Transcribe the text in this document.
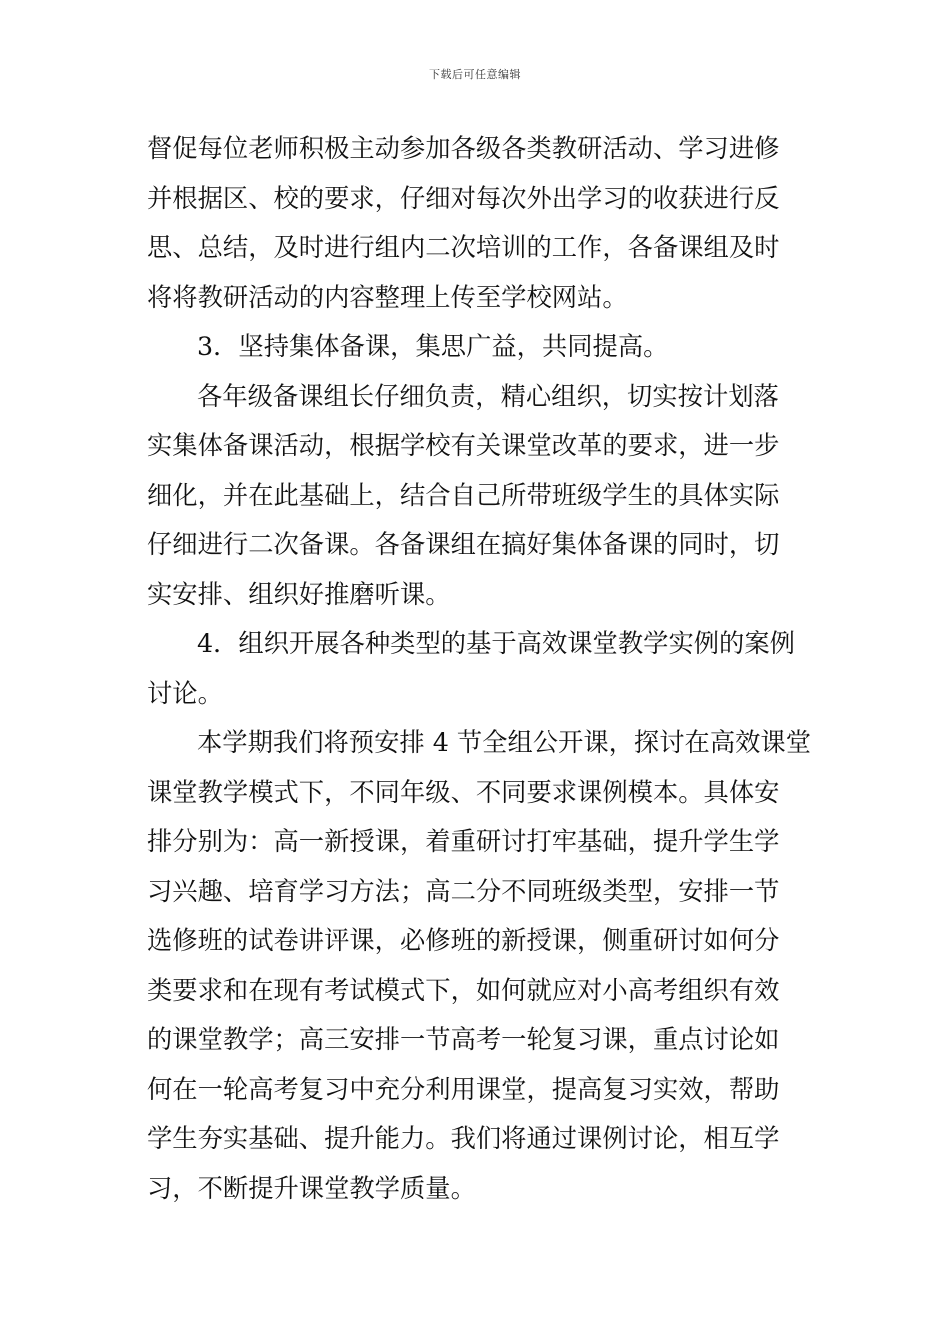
下载后可任意编辑
督促每位老师积极主动参加各级各类教研活动、学习进修
并根据区、校的要求，仔细对每次外出学习的收获进行反
思、总结，及时进行组内二次培训的工作，各备课组及时
将将教研活动的内容整理上传至学校网站。
3．坚持集体备课，集思广益，共同提高。
各年级备课组长仔细负责，精心组织，切实按计划落
实集体备课活动，根据学校有关课堂改革的要求，进一步
细化，并在此基础上，结合自己所带班级学生的具体实际
仔细进行二次备课。各备课组在搞好集体备课的同时，切
实安排、组织好推磨听课。
4．组织开展各种类型的基于高效课堂教学实例的案例
讨论。
本学期我们将预安排 4 节全组公开课，探讨在高效课堂
课堂教学模式下，不同年级、不同要求课例模本。具体安
排分别为：高一新授课，着重研讨打牢基础，提升学生学
习兴趣、培育学习方法；高二分不同班级类型，安排一节
选修班的试卷讲评课，必修班的新授课，侧重研讨如何分
类要求和在现有考试模式下，如何就应对小高考组织有效
的课堂教学；高三安排一节高考一轮复习课，重点讨论如
何在一轮高考复习中充分利用课堂，提高复习实效，帮助
学生夯实基础、提升能力。我们将通过课例讨论，相互学
习，不断提升课堂教学质量。
